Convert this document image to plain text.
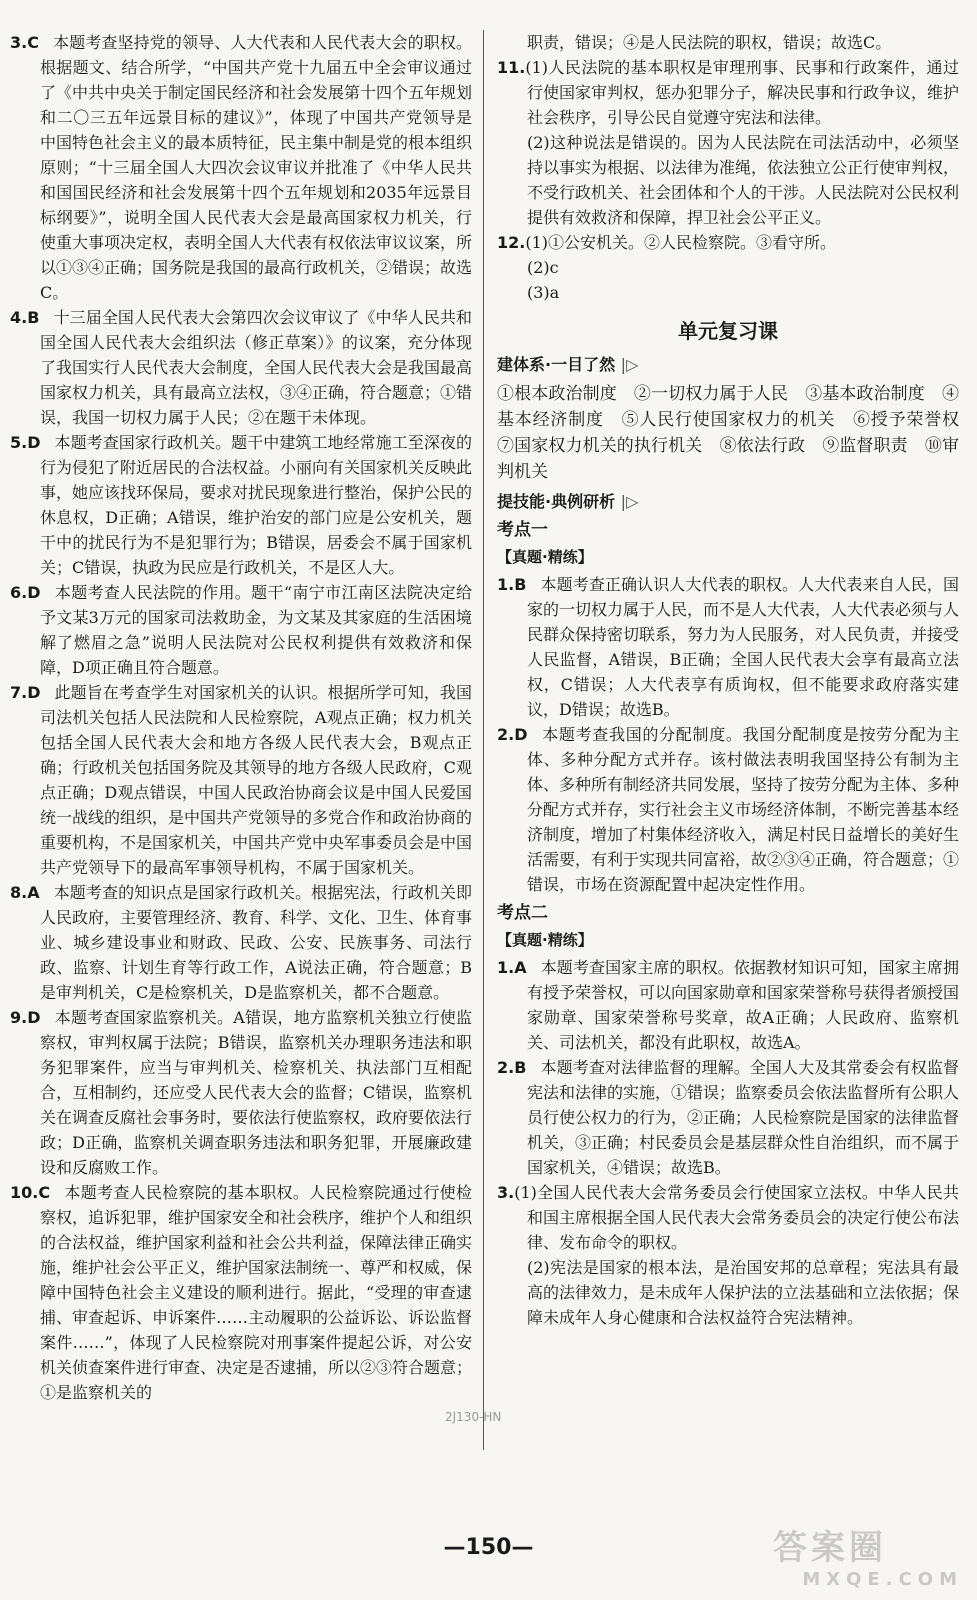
3.C 本题考查坚持党的领导、人大代表和人民代表大会的职权。根据题文、结合所学，“中国共产党十九届五中全会审议通过了《中共中央关于制定国民经济和社会发展第十四个五年规划和二〇三五年远景目标的建议》”，体现了中国共产党领导是中国特色社会主义的最本质特征，民主集中制是党的根本组织原则；“十三届全国人大四次会议审议并批准了《中华人民共和国国民经济和社会发展第十四个五年规划和2035年远景目标纲要》”，说明全国人民代表大会是最高国家权力机关，行使重大事项决定权，表明全国人大代表有权依法审议议案，所以①③④正确；国务院是我国的最高行政机关，②错误；故选C。
4.B 十三届全国人民代表大会第四次会议审议了《中华人民共和国全国人民代表大会组织法（修正草案）》的议案，充分体现了我国实行人民代表大会制度，全国人民代表大会是我国最高国家权力机关，具有最高立法权，③④正确，符合题意；①错误，我国一切权力属于人民；②在题干未体现。
5.D 本题考查国家行政机关。题干中建筑工地经常施工至深夜的行为侵犯了附近居民的合法权益。小丽向有关国家机关反映此事，她应该找环保局，要求对扰民现象进行整治，保护公民的休息权，D正确；A错误，维护治安的部门应是公安机关，题干中的扰民行为不是犯罪行为；B错误，居委会不属于国家机关；C错误，执政为民应是行政机关，不是区人大。
6.D 本题考查人民法院的作用。题干“南宁市江南区法院决定给予文某3万元的国家司法救助金，为文某及其家庭的生活困境解了燃眉之急”说明人民法院对公民权利提供有效救济和保障，D项正确且符合题意。
7.D 此题旨在考查学生对国家机关的认识。根据所学可知，我国司法机关包括人民法院和人民检察院，A观点正确；权力机关包括全国人民代表大会和地方各级人民代表大会，B观点正确；行政机关包括国务院及其领导的地方各级人民政府，C观点正确；D观点错误，中国人民政治协商会议是中国人民爱国统一战线的组织，是中国共产党领导的多党合作和政治协商的重要机构，不是国家机关，中国共产党中央军事委员会是中国共产党领导下的最高军事领导机构，不属于国家机关。
8.A 本题考查的知识点是国家行政机关。根据宪法，行政机关即人民政府，主要管理经济、教育、科学、文化、卫生、体育事业、城乡建设事业和财政、民政、公安、民族事务、司法行政、监察、计划生育等行政工作，A说法正确，符合题意；B是审判机关，C是检察机关，D是监察机关，都不合题意。
9.D 本题考查国家监察机关。A错误，地方监察机关独立行使监察权，审判权属于法院；B错误，监察机关办理职务违法和职务犯罪案件，应当与审判机关、检察机关、执法部门互相配合，互相制约，还应受人民代表大会的监督；C错误，监察机关在调查反腐社会事务时，要依法行使监察权，政府要依法行政；D正确，监察机关调查职务违法和职务犯罪，开展廉政建设和反腐败工作。
10.C 本题考查人民检察院的基本职权。人民检察院通过行使检察权，追诉犯罪，维护国家安全和社会秩序，维护个人和组织的合法权益，维护国家利益和社会公共利益，保障法律正确实施，维护社会公平正义，维护国家法制统一、尊严和权威，保障中国特色社会主义建设的顺利进行。据此，“受理的审查逮捕、审查起诉、申诉案件……主动履职的公益诉讼、诉讼监督案件……”，体现了人民检察院对刑事案件提起公诉，对公安机关侦查案件进行审查、决定是否逮捕，所以②③符合题意；①是监察机关的

职责，错误；④是人民法院的职权，错误；故选C。

11.(1)人民法院的基本职权是审理刑事、民事和行政案件，通过行使国家审判权，惩办犯罪分子，解决民事和行政争议，维护社会秩序，引导公民自觉遵守宪法和法律。

(2)这种说法是错误的。因为人民法院在司法活动中，必须坚持以事实为根据、以法律为准绳，依法独立公正行使审判权，不受行政机关、社会团体和个人的干涉。人民法院对公民权利提供有效救济和保障，捍卫社会公平正义。

12.(1)①公安机关。②人民检察院。③看守所。

(2)c

(3)a

单元复习课
建体系·一目了然 |▷
①根本政治制度　②一切权力属于人民　③基本政治制度　④基本经济制度　⑤人民行使国家权力的机关　⑥授予荣誉权　⑦国家权力机关的执行机关　⑧依法行政　⑨监督职责　⑩审判机关
提技能·典例研析 |▷
考点一
【真题·精练】
1.B 本题考查正确认识人大代表的职权。人大代表来自人民，国家的一切权力属于人民，而不是人大代表，人大代表必须与人民群众保持密切联系，努力为人民服务，对人民负责，并接受人民监督，A错误，B正确；全国人民代表大会享有最高立法权，C错误；人大代表享有质询权，但不能要求政府落实建议，D错误；故选B。
2.D 本题考查我国的分配制度。我国分配制度是按劳分配为主体、多种分配方式并存。该村做法表明我国坚持公有制为主体、多种所有制经济共同发展，坚持了按劳分配为主体、多种分配方式并存，实行社会主义市场经济体制，不断完善基本经济制度，增加了村集体经济收入，满足村民日益增长的美好生活需要，有利于实现共同富裕，故②③④正确，符合题意；①错误，市场在资源配置中起决定性作用。
考点二
【真题·精练】
1.A 本题考查国家主席的职权。依据教材知识可知，国家主席拥有授予荣誉权，可以向国家勋章和国家荣誉称号获得者颁授国家勋章、国家荣誉称号奖章，故A正确；人民政府、监察机关、司法机关，都没有此职权，故选A。
2.B 本题考查对法律监督的理解。全国人大及其常委会有权监督宪法和法律的实施，①错误；监察委员会依法监督所有公职人员行使公权力的行为，②正确；人民检察院是国家的法律监督机关，③正确；村民委员会是基层群众性自治组织，而不属于国家机关，④错误；故选B。
3.(1)全国人民代表大会常务委员会行使国家立法权。中华人民共和国主席根据全国人民代表大会常务委员会的决定行使公布法律、发布命令的职权。

(2)宪法是国家的根本法，是治国安邦的总章程；宪法具有最高的法律效力，是未成年人保护法的立法基础和立法依据；保障未成年人身心健康和合法权益符合宪法精神。

2J130-HN
—150—	答案圈
MXQE.COM
